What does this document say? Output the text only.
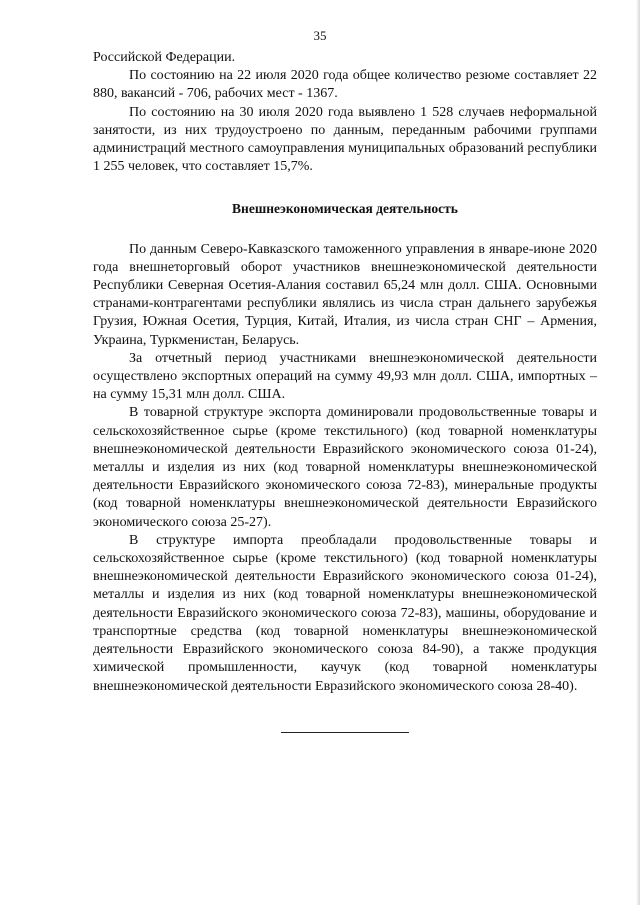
35

Российской Федерации.

По состоянию на 22 июля 2020 года общее количество резюме составляет 22 880, вакансий - 706, рабочих мест - 1367.

По состоянию на 30 июля 2020 года выявлено 1 528 случаев неформальной занятости, из них трудоустроено по данным, переданным рабочими группами администраций местного самоуправления муниципальных образований республики 1 255 человек, что составляет 15,7%.

Внешнеэкономическая деятельность

По данным Северо-Кавказского таможенного управления в январе-июне 2020 года внешнеторговый оборот участников внешнеэкономической деятельности Республики Северная Осетия-Алания составил 65,24 млн долл. США. Основными странами-контрагентами республики являлись из числа стран дальнего зарубежья Грузия, Южная Осетия, Турция, Китай, Италия, из числа стран СНГ – Армения, Украина, Туркменистан, Беларусь.

За отчетный период участниками внешнеэкономической деятельности осуществлено экспортных операций на сумму 49,93 млн долл. США, импортных – на сумму 15,31 млн долл. США.

В товарной структуре экспорта доминировали продовольственные товары и сельскохозяйственное сырье (кроме текстильного) (код товарной номенклатуры внешнеэкономической деятельности Евразийского экономического союза 01-24), металлы и изделия из них (код товарной номенклатуры внешнеэкономической деятельности Евразийского экономического союза 72-83), минеральные продукты (код товарной номенклатуры внешнеэкономической деятельности Евразийского экономического союза 25-27).

В структуре импорта преобладали продовольственные товары и сельскохозяйственное сырье (кроме текстильного) (код товарной номенклатуры внешнеэкономической деятельности Евразийского экономического союза 01-24), металлы и изделия из них (код товарной номенклатуры внешнеэкономической деятельности Евразийского экономического союза 72-83), машины, оборудование и транспортные средства (код товарной номенклатуры внешнеэкономической деятельности Евразийского экономического союза 84-90), а также продукция химической промышленности, каучук (код товарной номенклатуры внешнеэкономической деятельности Евразийского экономического союза 28-40).
